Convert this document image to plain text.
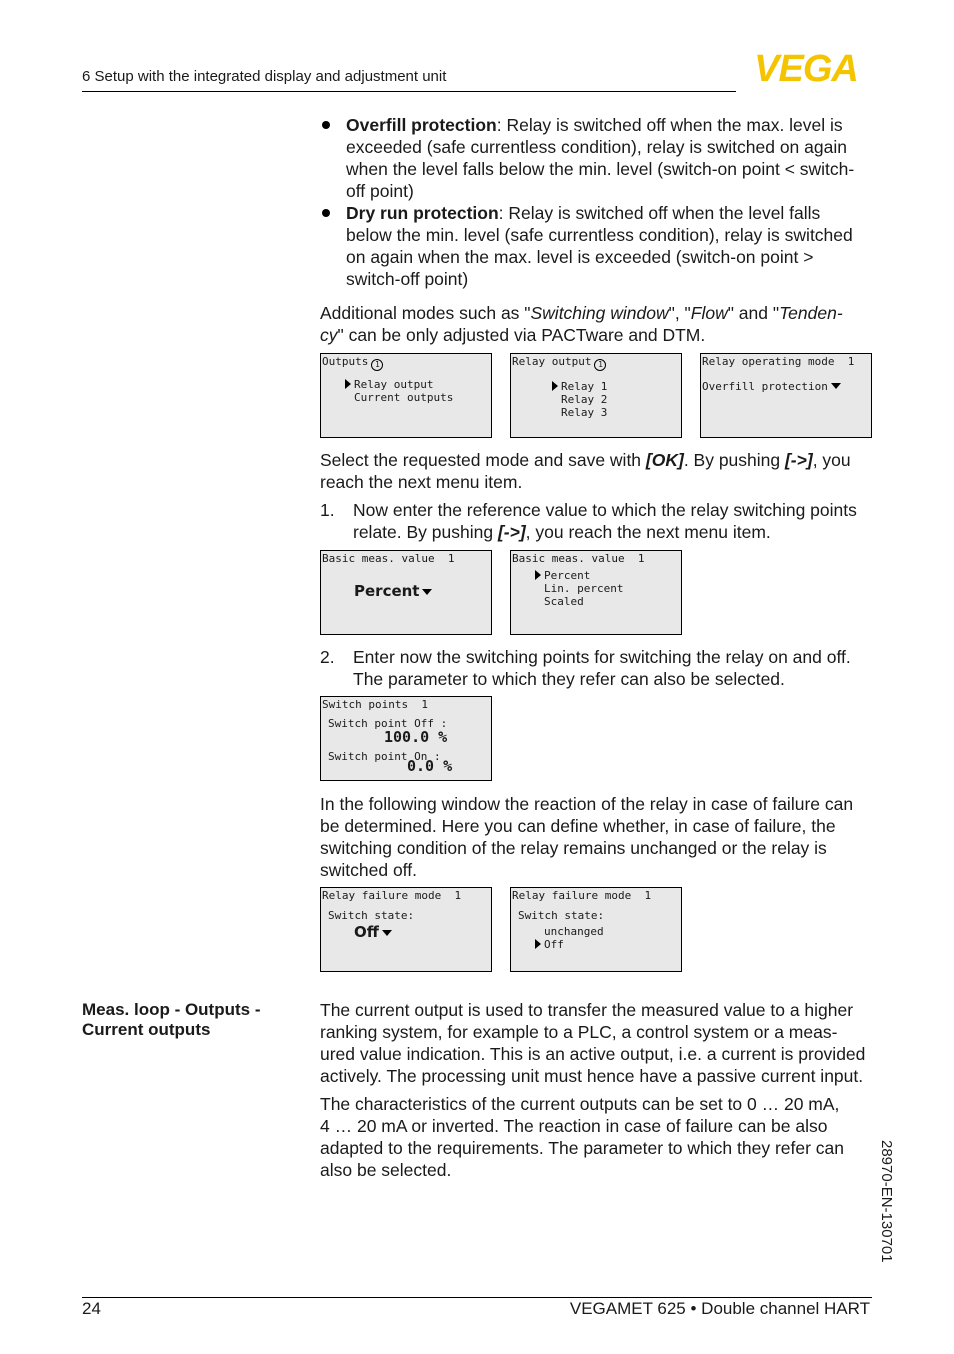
6 Setup with the integrated display and adjustment unit	VEGA
Overfill protection: Relay is switched off when the max. level is
exceeded (safe currentless condition), relay is switched on again
when the level falls below the min. level (switch-on point < switch-
off point)
Dry run protection: Relay is switched off when the level falls
below the min. level (safe currentless condition), relay is switched
on again when the max. level is exceeded (switch-on point >
switch-off point)
Additional modes such as "Switching window", "Flow" and "Tenden-
cy" can be only adjusted via PACTware and DTM.
Outputs 1
Relay output
Current outputs
Relay output 1
Relay 1
Relay 2
Relay 3
Relay operating mode  1
Overfill protection
Select the requested mode and save with [OK]. By pushing [->], you
reach the next menu item.
1. Now enter the reference value to which the relay switching points
relate. By pushing [->], you reach the next menu item.
Basic meas. value  1
Percent
Basic meas. value  1
Percent
Lin. percent
Scaled
2. Enter now the switching points for switching the relay on and off.
The parameter to which they refer can also be selected.
Switch points  1
Switch point Off :
100.0 %
Switch point On :
0.0 %
In the following window the reaction of the relay in case of failure can
be determined. Here you can define whether, in case of failure, the
switching condition of the relay remains unchanged or the relay is
switched off.
Relay failure mode  1
Switch state:
Off
Relay failure mode  1
Switch state:
unchanged
Off
Meas. loop - Outputs -
Current outputs
The current output is used to transfer the measured value to a higher
ranking system, for example to a PLC, a control system or a meas-
ured value indication. This is an active output, i.e. a current is provided
actively. The processing unit must hence have a passive current input.
The characteristics of the current outputs can be set to 0 … 20 mA,
4 … 20 mA or inverted. The reaction in case of failure can be also
adapted to the requirements. The parameter to which they refer can
also be selected.	28970-EN-130701
24	VEGAMET 625 • Double channel HART
